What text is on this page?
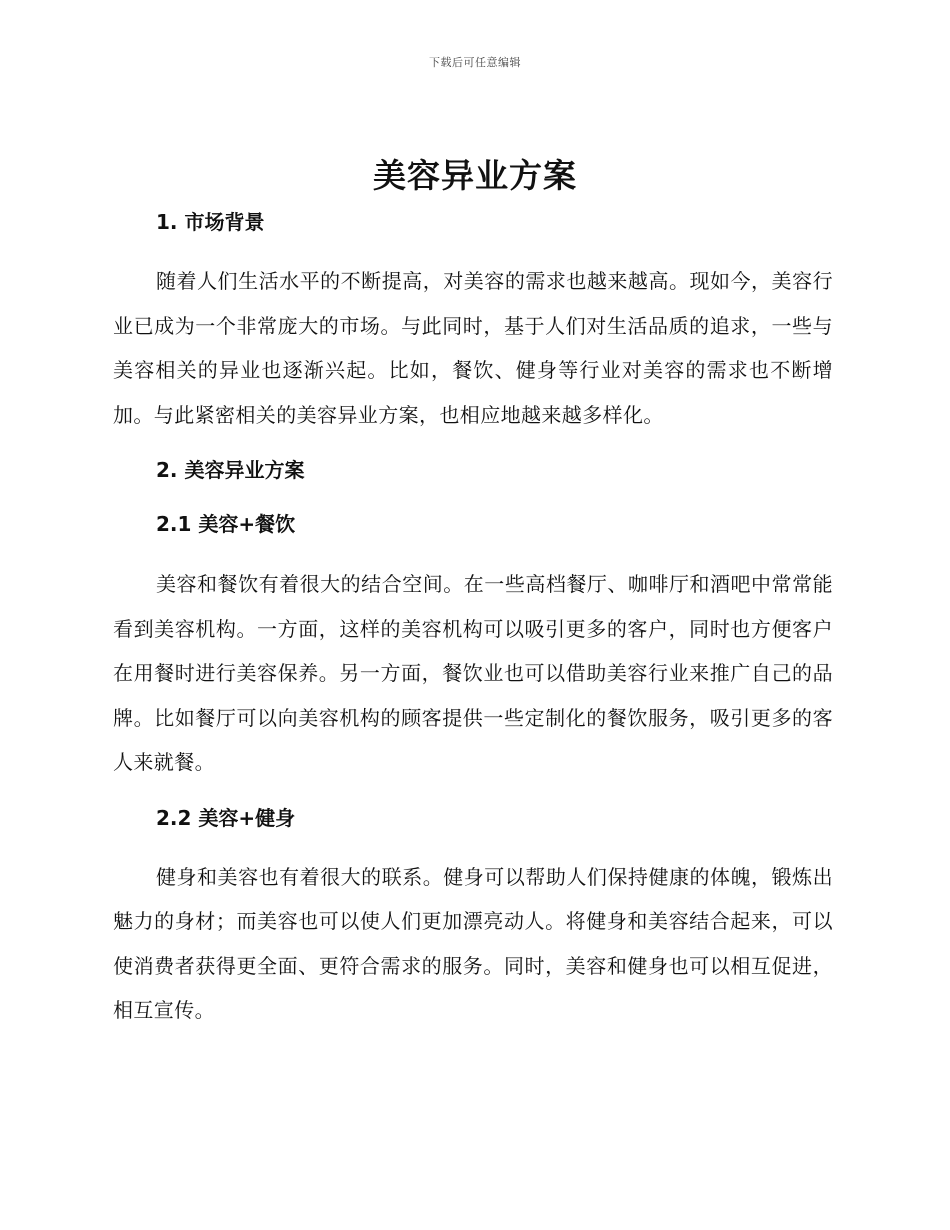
下载后可任意编辑
美容异业方案
1. 市场背景

随着人们生活水平的不断提高，对美容的需求也越来越高。现如今，美容行业已成为一个非常庞大的市场。与此同时，基于人们对生活品质的追求，一些与美容相关的异业也逐渐兴起。比如，餐饮、健身等行业对美容的需求也不断增加。与此紧密相关的美容异业方案，也相应地越来越多样化。

2. 美容异业方案
2.1 美容+餐饮

美容和餐饮有着很大的结合空间。在一些高档餐厅、咖啡厅和酒吧中常常能看到美容机构。一方面，这样的美容机构可以吸引更多的客户，同时也方便客户在用餐时进行美容保养。另一方面，餐饮业也可以借助美容行业来推广自己的品牌。比如餐厅可以向美容机构的顾客提供一些定制化的餐饮服务，吸引更多的客人来就餐。

2.2 美容+健身

健身和美容也有着很大的联系。健身可以帮助人们保持健康的体魄，锻炼出魅力的身材；而美容也可以使人们更加漂亮动人。将健身和美容结合起来，可以使消费者获得更全面、更符合需求的服务。同时，美容和健身也可以相互促进，相互宣传。
